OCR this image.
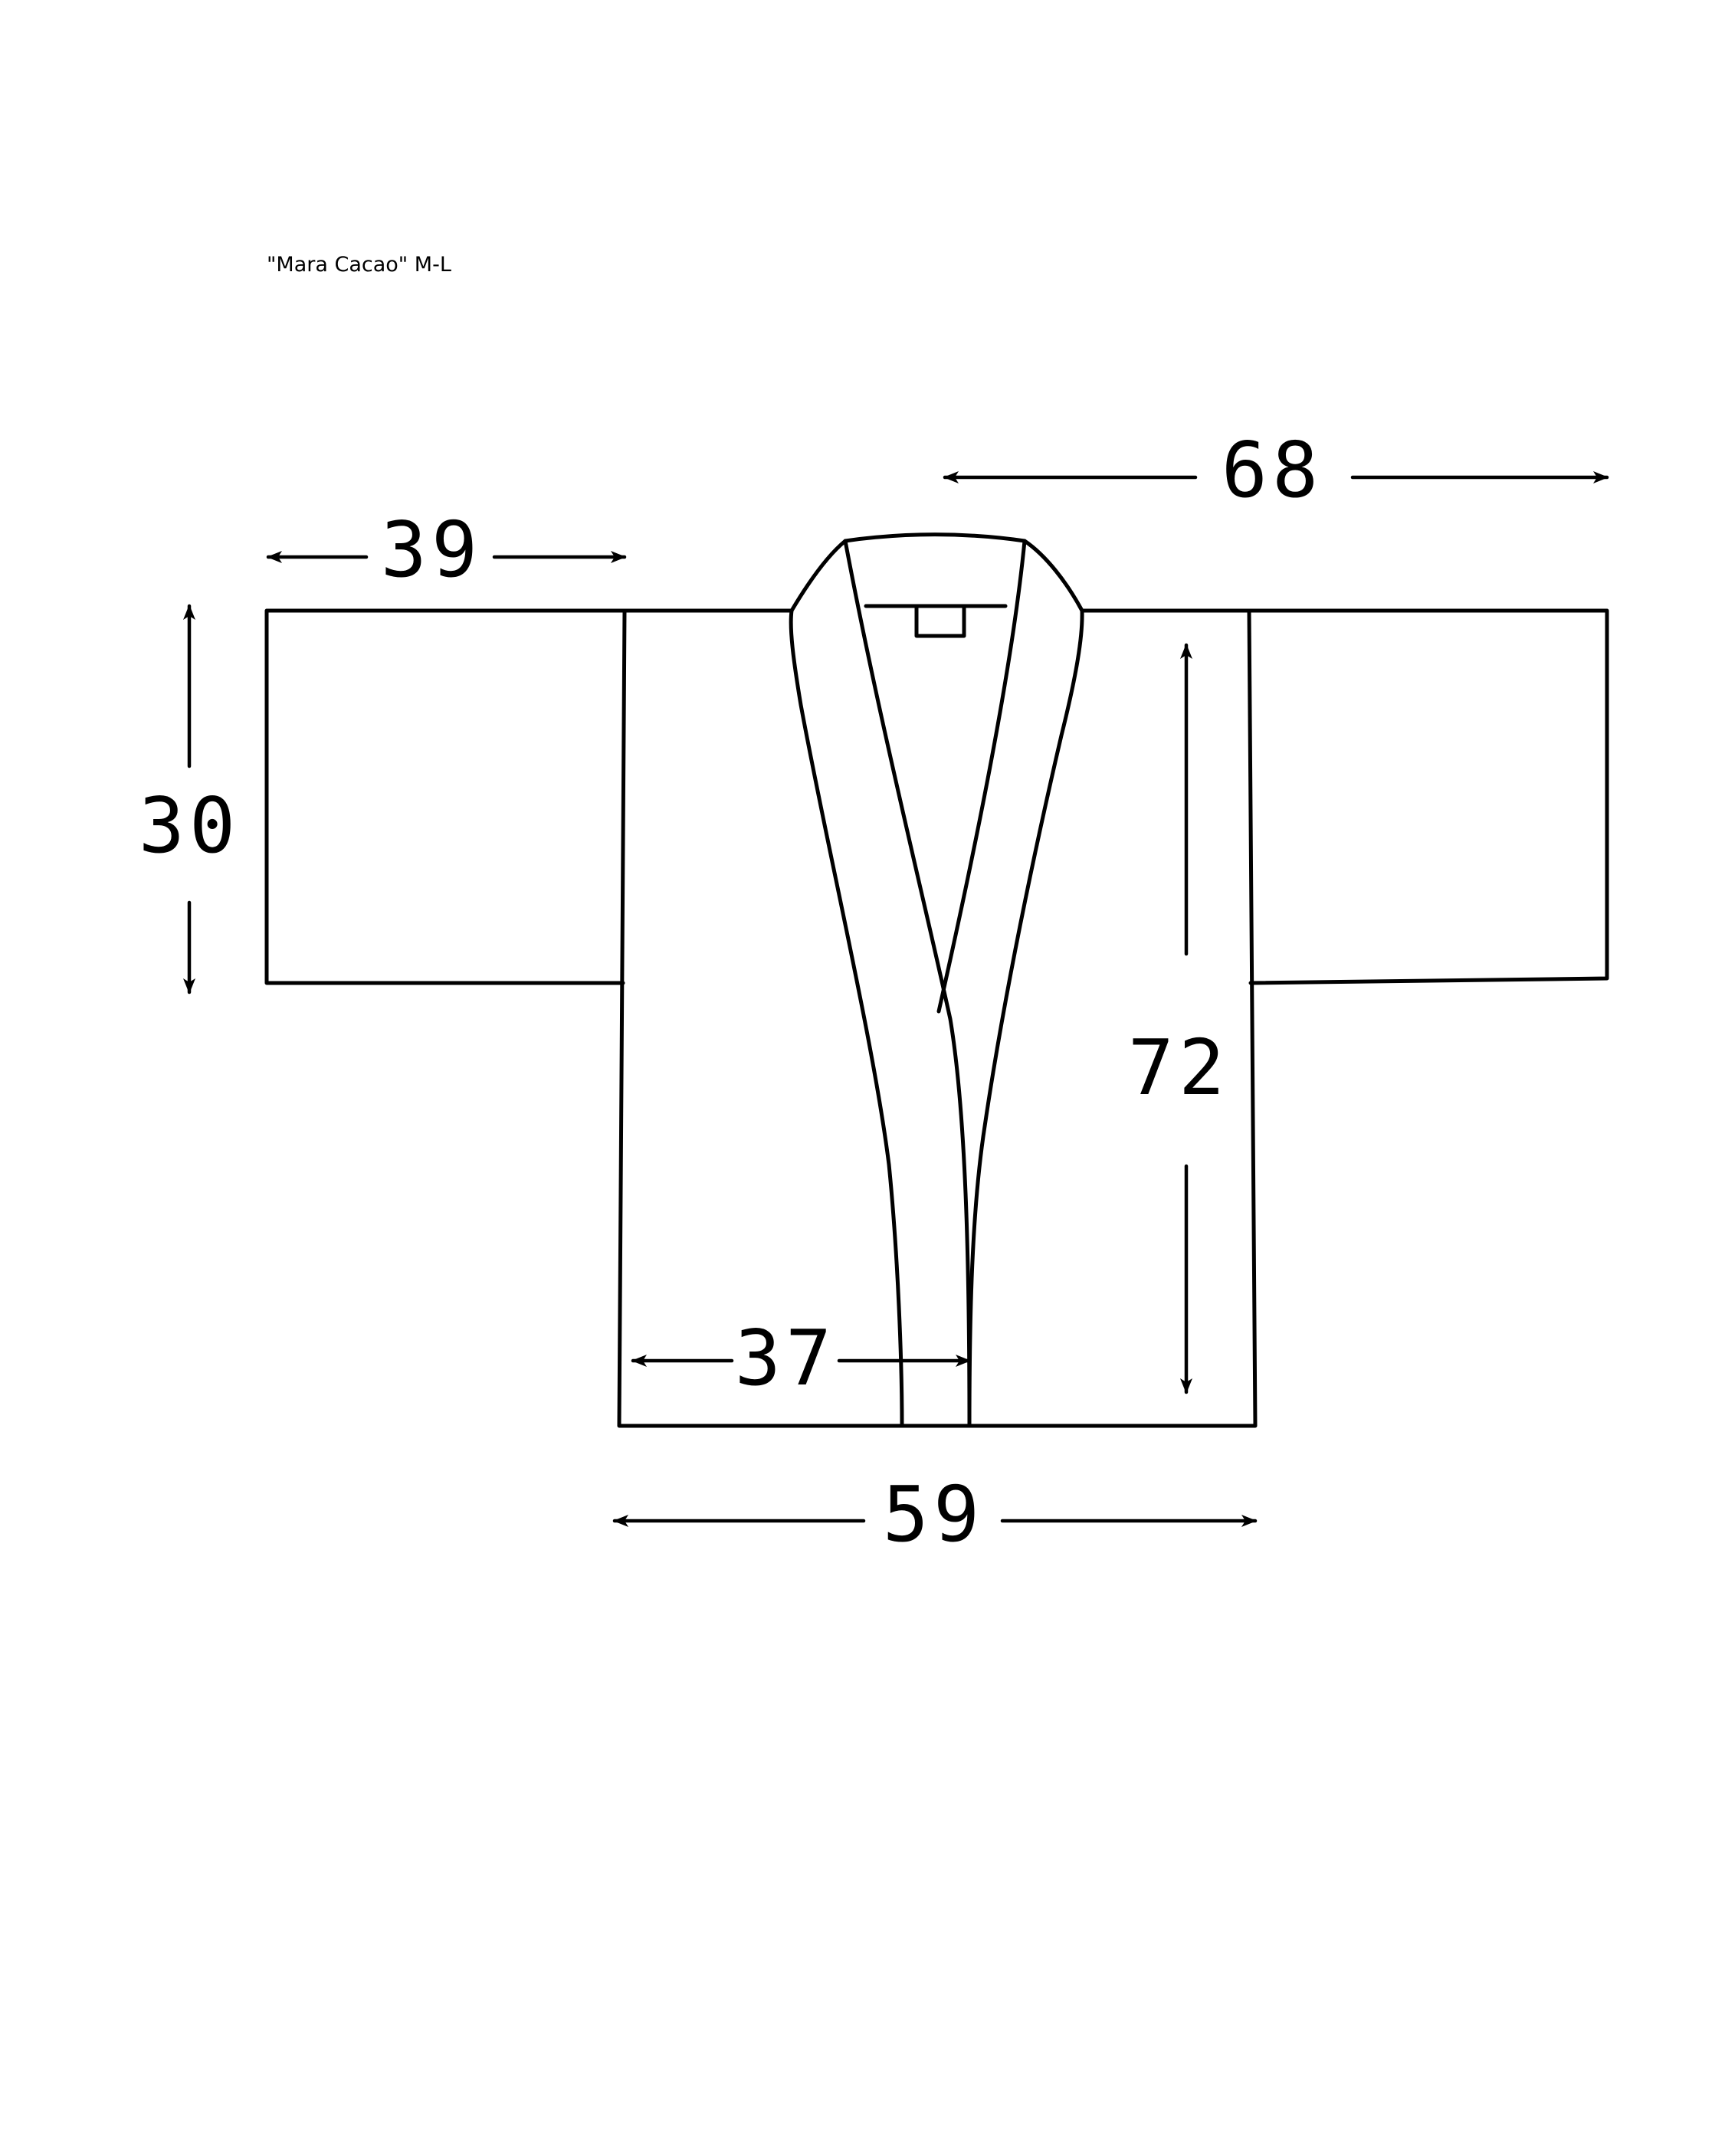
"Mara Cacao" M-L
39
68
30
72
37
59
